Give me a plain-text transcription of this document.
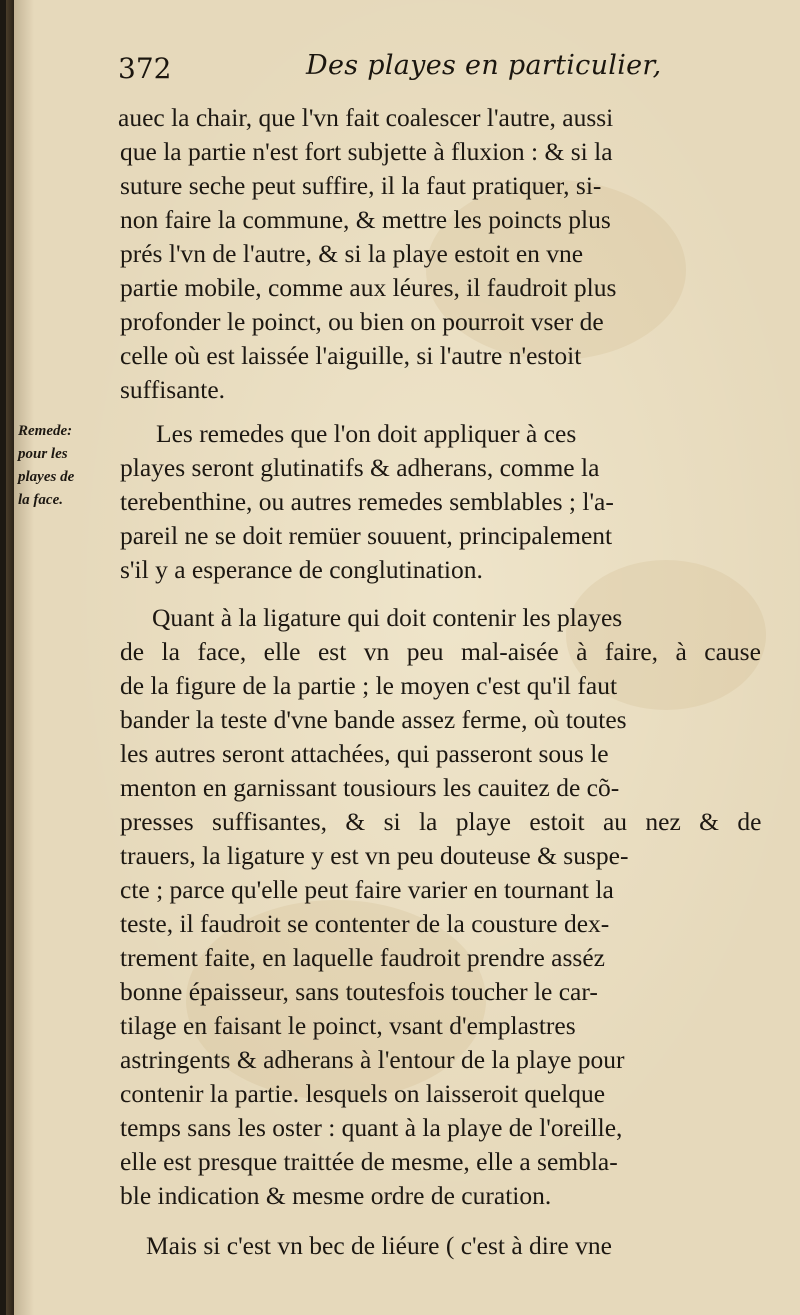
372	Des playes en particulier,
Remede:
pour les
playes de
la face.
auec la chair, que l'vn fait coalescer l'autre, aussi
que la partie n'est fort subjette à fluxion : & si la
suture seche peut suffire, il la faut pratiquer, si-
non faire la commune, & mettre les poincts plus
prés l'vn de l'autre, & si la playe estoit en vne
partie mobile, comme aux léures, il faudroit plus
profonder le poinct, ou bien on pourroit vser de
celle où est laissée l'aiguille, si l'autre n'estoit
suffisante.
Les remedes que l'on doit appliquer à ces
playes seront glutinatifs & adherans, comme la
terebenthine, ou autres remedes semblables ; l'a-
pareil ne se doit remüer souuent, principalement
s'il y a esperance de conglutination.
Quant à la ligature qui doit contenir les playes
de la face, elle est vn peu mal-aisée à faire, à cause
de la figure de la partie ; le moyen c'est qu'il faut
bander la teste d'vne bande assez ferme, où toutes
les autres seront attachées, qui passeront sous le
menton en garnissant tousiours les cauitez de cõ-
presses suffisantes, & si la playe estoit au nez & de
trauers, la ligature y est vn peu douteuse & suspe-
cte ; parce qu'elle peut faire varier en tournant la
teste, il faudroit se contenter de la cousture dex-
trement faite, en laquelle faudroit prendre asséz
bonne épaisseur, sans toutesfois toucher le car-
tilage en faisant le poinct, vsant d'emplastres
astringents & adherans à l'entour de la playe pour
contenir la partie. lesquels on laisseroit quelque
temps sans les oster : quant à la playe de l'oreille,
elle est presque traittée de mesme, elle a sembla-
ble indication & mesme ordre de curation.
Mais si c'est vn bec de liéure ( c'est à dire vne
